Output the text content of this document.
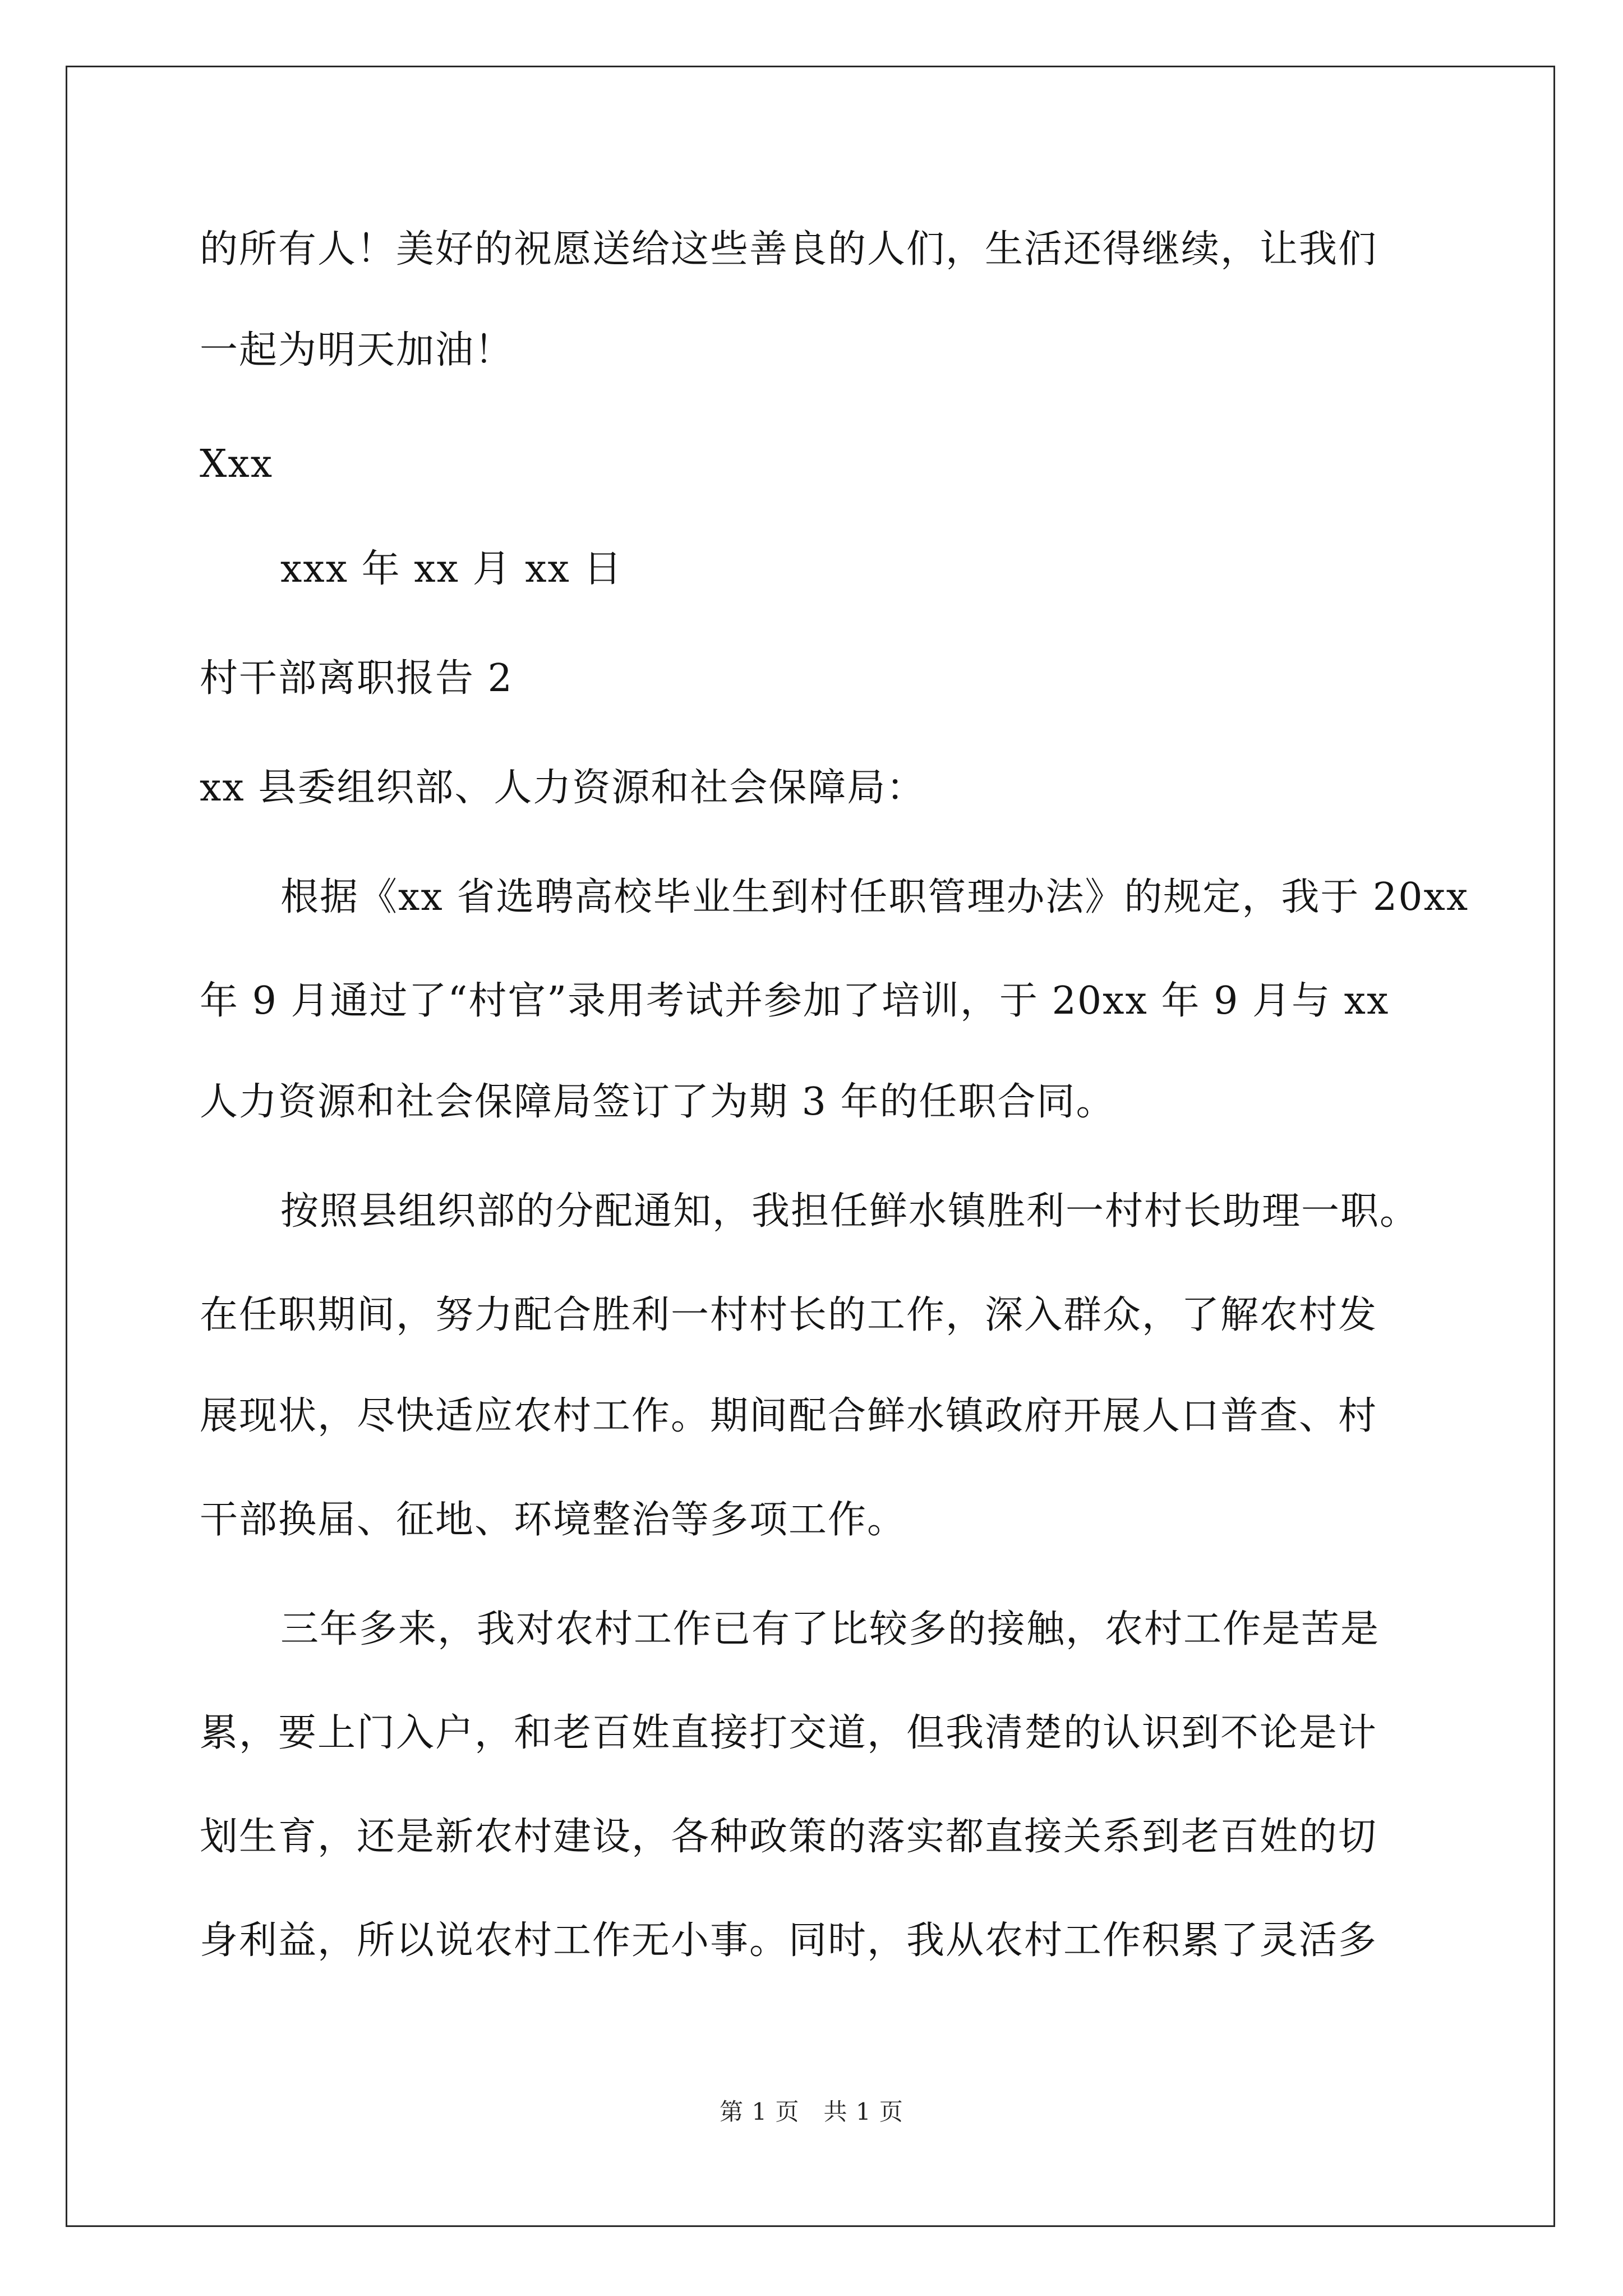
的所有人！美好的祝愿送给这些善良的人们，生活还得继续，让我们
一起为明天加油！
Xxx
xxx 年 xx 月 xx 日
村干部离职报告 2
xx 县委组织部、人力资源和社会保障局：
根据《xx 省选聘高校毕业生到村任职管理办法》的规定，我于 20xx
年 9 月通过了“村官”录用考试并参加了培训，于 20xx 年 9 月与 xx
人力资源和社会保障局签订了为期 3 年的任职合同。
按照县组织部的分配通知，我担任鲜水镇胜利一村村长助理一职。
在任职期间，努力配合胜利一村村长的工作，深入群众，了解农村发
展现状，尽快适应农村工作。期间配合鲜水镇政府开展人口普查、村
干部换届、征地、环境整治等多项工作。
三年多来，我对农村工作已有了比较多的接触，农村工作是苦是
累，要上门入户，和老百姓直接打交道，但我清楚的认识到不论是计
划生育，还是新农村建设，各种政策的落实都直接关系到老百姓的切
身利益，所以说农村工作无小事。同时，我从农村工作积累了灵活多
第 1 页　共 1 页
